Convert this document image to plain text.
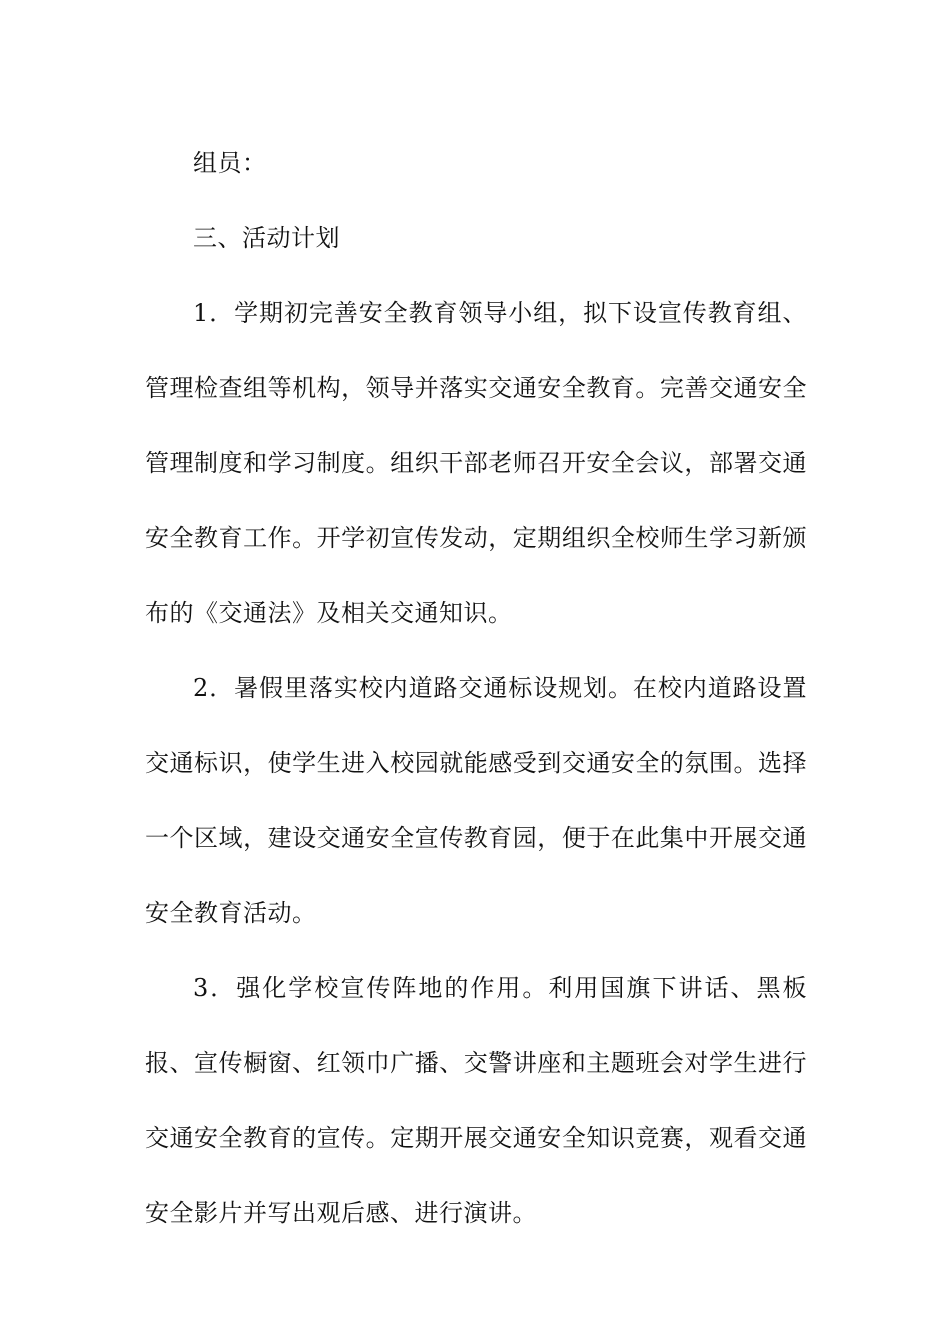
组员：

三、活动计划

1．学期初完善安全教育领导小组，拟下设宣传教育组、管理检查组等机构，领导并落实交通安全教育。完善交通安全管理制度和学习制度。组织干部老师召开安全会议，部署交通安全教育工作。开学初宣传发动，定期组织全校师生学习新颁布的《交通法》及相关交通知识。

2．暑假里落实校内道路交通标设规划。在校内道路设置交通标识，使学生进入校园就能感受到交通安全的氛围。选择一个区域，建设交通安全宣传教育园，便于在此集中开展交通安全教育活动。

3．强化学校宣传阵地的作用。利用国旗下讲话、黑板报、宣传橱窗、红领巾广播、交警讲座和主题班会对学生进行交通安全教育的宣传。定期开展交通安全知识竞赛，观看交通安全影片并写出观后感、进行演讲。
